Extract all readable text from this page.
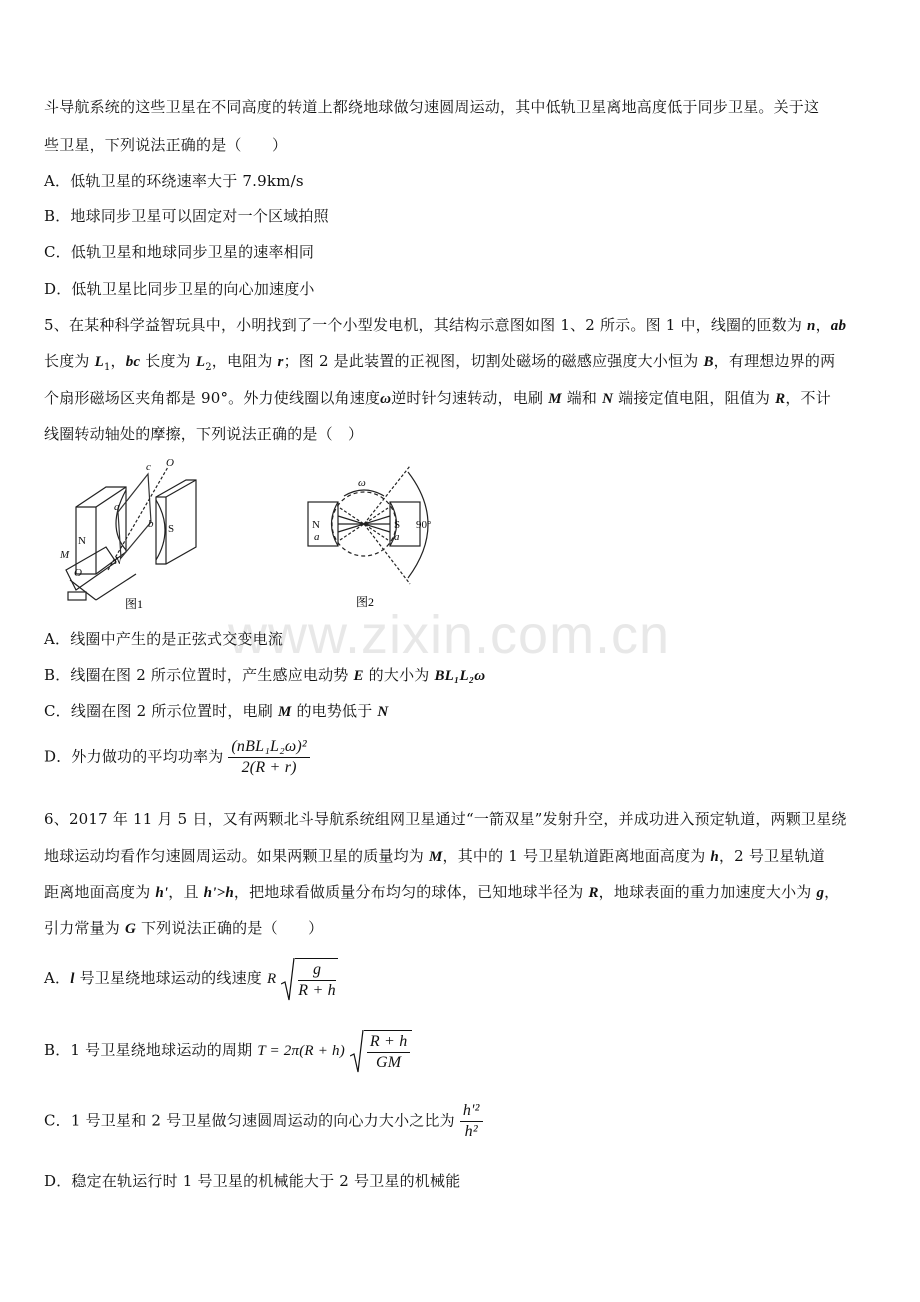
斗导航系统的这些卫星在不同高度的转道上都绕地球做匀速圆周运动，其中低轨卫星离地高度低于同步卫星。关于这
些卫星，下列说法正确的是（　　）
A．低轨卫星的环绕速率大于 7.9km/s
B．地球同步卫星可以固定对一个区域拍照
C．低轨卫星和地球同步卫星的速率相同
D．低轨卫星比同步卫星的向心加速度小
5、在某种科学益智玩具中，小明找到了一个小型发电机，其结构示意图如图 1、2 所示。图 1 中，线圈的匝数为 n，ab
长度为 $L_1$，bc 长度为 $L_2$，电阻为 r；图 2 是此装置的正视图，切割处磁场的磁感应强度大小恒为 B，有理想边界的两
个扇形磁场区夹角都是 90°。外力使线圈以角速度ω逆时针匀速转动，电刷 M 端和 N 端接定值电阻，阻值为 R，不计
线圈转动轴处的摩擦，下列说法正确的是（　）
N
S
M	N
O
O
c
b
a
图1
N	S
a	a
ω
90°
图2
www.zixin.com.cn
A．线圈中产生的是正弦式交变电流
B．线圈在图 2 所示位置时，产生感应电动势 E 的大小为 BL₁L₂ω
C．线圈在图 2 所示位置时，电刷 M 的电势低于 N
D．外力做功的平均功率为 $\frac{\text{(nBL₁L₂ω)²}}{2(R + r)}$
6、2017 年 11 月 5 日，又有两颗北斗导航系统组网卫星通过“一箭双星”发射升空，并成功进入预定轨道，两颗卫星绕
地球运动均看作匀速圆周运动。如果两颗卫星的质量均为 M，其中的 1 号卫星轨道距离地面高度为 h，2 号卫星轨道
距离地面高度为 h'，且 h'>h，把地球看做质量分布均匀的球体，已知地球半径为 R，地球表面的重力加速度大小为 g，
引力常量为 G 下列说法正确的是（　　）
A．l 号卫星绕地球运动的线速度 R $\frac{g}{R + h}$
B．1 号卫星绕地球运动的周期 $T = 2\pi(R + h) \frac{R + h}{GM}$
C．1 号卫星和 2 号卫星做匀速圆周运动的向心力大小之比为 $\frac{\text{h'²}}{\text{h²}}$
D．稳定在轨运行时 1 号卫星的机械能大于 2 号卫星的机械能
